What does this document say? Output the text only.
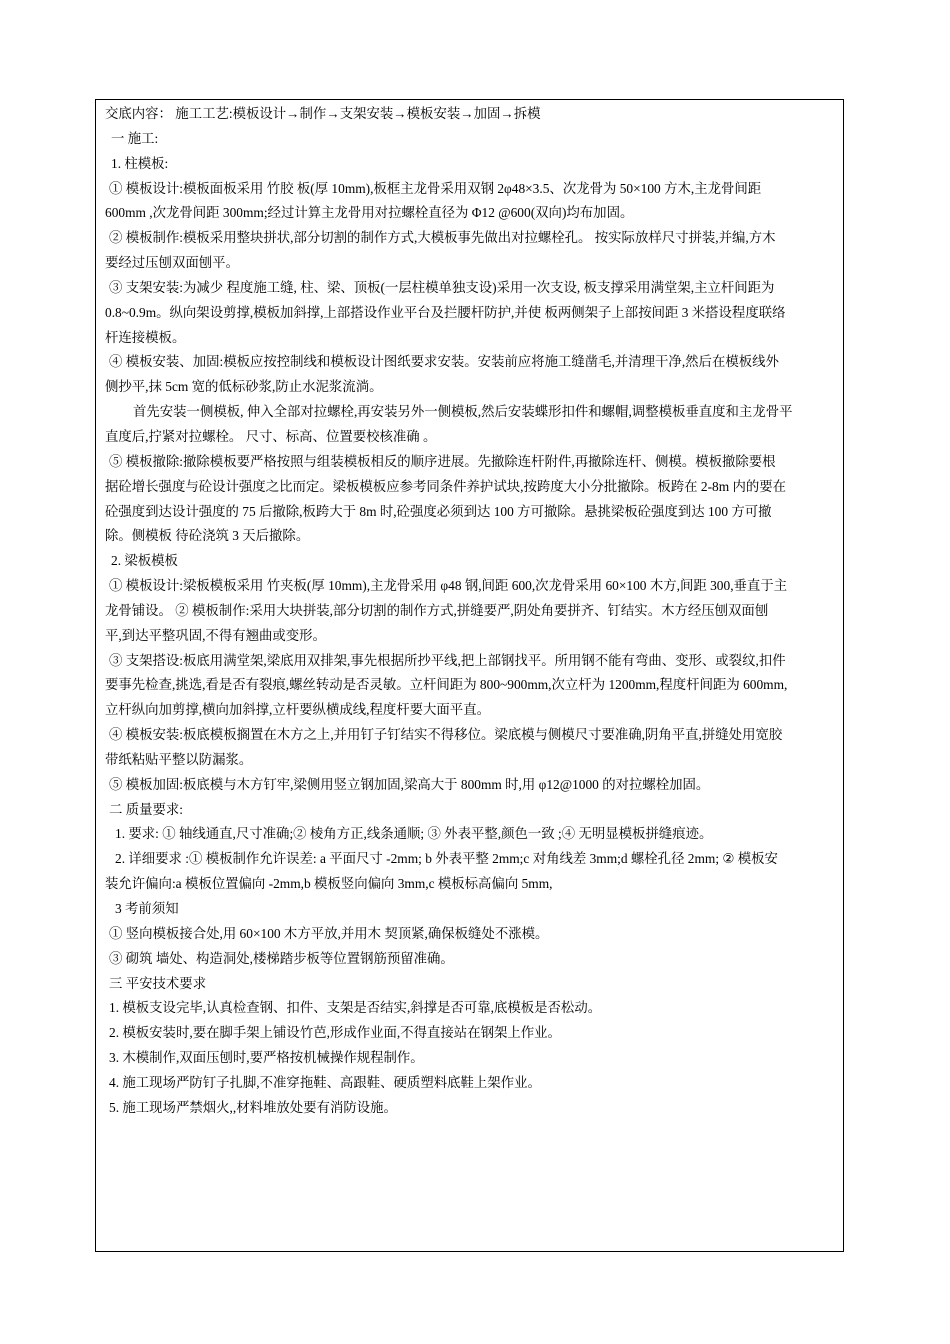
交底内容： 施工工艺:模板设计→制作→支架安装→模板安装→加固→拆模
一 施工:
1. 柱模板:
① 模板设计:模板面板采用 竹胶 板(厚 10mm),板框主龙骨采用双钢 2φ48×3.5、次龙骨为 50×100 方木,主龙骨间距
600mm ,次龙骨间距 300mm;经过计算主龙骨用对拉螺栓直径为 Φ12 @600(双向)均布加固。
② 模板制作:模板采用整块拼状,部分切割的制作方式,大模板事先做出对拉螺栓孔。 按实际放样尺寸拼装,并编,方木
要经过压刨双面刨平。
③ 支架安装:为减少 程度施工缝, 柱、梁、顶板(一层柱模单独支设)采用一次支设, 板支撑采用满堂架,主立杆间距为
0.8~0.9m。纵向架设剪撑,模板加斜撑,上部搭设作业平台及拦腰杆防护,并使 板两侧架子上部按间距 3 米搭设程度联络
杆连接模板。
④ 模板安装、加固:模板应按控制线和模板设计图纸要求安装。安装前应将施工缝凿毛,并清理干净,然后在模板线外
侧抄平,抹 5cm 宽的低标砂浆,防止水泥浆流淌。
首先安装一侧模板, 伸入全部对拉螺栓,再安装另外一侧模板,然后安装蝶形扣件和螺帽,调整模板垂直度和主龙骨平
直度后,拧紧对拉螺栓。 尺寸、标高、位置要校核准确 。
⑤ 模板撤除:撤除模板要严格按照与组装模板相反的顺序进展。先撤除连杆附件,再撤除连杆、侧模。模板撤除要根
据砼增长强度与砼设计强度之比而定。梁板模板应参考同条件养护试块,按跨度大小分批撤除。板跨在 2-8m 内的要在
砼强度到达设计强度的 75 后撤除,板跨大于 8m 时,砼强度必须到达 100 方可撤除。悬挑梁板砼强度到达 100 方可撤
除。侧模板 待砼浇筑 3 天后撤除。
2. 梁板模板
① 模板设计:梁板模板采用 竹夹板(厚 10mm),主龙骨采用 φ48 钢,间距 600,次龙骨采用 60×100 木方,间距 300,垂直于主
龙骨铺设。 ② 模板制作:采用大块拼装,部分切割的制作方式,拼缝要严,阴处角要拼齐、钉结实。木方经压刨双面刨
平,到达平整巩固,不得有翘曲或变形。
③ 支架搭设:板底用满堂架,梁底用双排架,事先根据所抄平线,把上部钢找平。所用钢不能有弯曲、变形、或裂纹,扣件
要事先检查,挑选,看是否有裂痕,螺丝转动是否灵敏。立杆间距为 800~900mm,次立杆为 1200mm,程度杆间距为 600mm,
立杆纵向加剪撑,横向加斜撑,立杆要纵横成线,程度杆要大面平直。
④ 模板安装:板底模板搁置在木方之上,并用钉子钉结实不得移位。梁底模与侧模尺寸要准确,阴角平直,拼缝处用宽胶
带纸粘贴平整以防漏浆。
⑤ 模板加固:板底模与木方钉牢,梁侧用竖立钢加固,梁高大于 800mm 时,用 φ12@1000 的对拉螺栓加固。
二 质量要求:
1. 要求: ① 轴线通直,尺寸准确;② 棱角方正,线条通顺; ③ 外表平整,颜色一致 ;④ 无明显模板拼缝痕迹。
2. 详细要求 :① 模板制作允许误差: a 平面尺寸 -2mm; b 外表平整 2mm;c 对角线差 3mm;d 螺栓孔径 2mm; ② 模板安
装允许偏向:a 模板位置偏向 -2mm,b 模板竖向偏向 3mm,c 模板标高偏向 5mm,
3 考前须知
① 竖向模板接合处,用 60×100 木方平放,并用木 契顶紧,确保板缝处不涨模。
③ 砌筑 墙处、构造洞处,楼梯踏步板等位置钢筋预留准确。
三 平安技术要求
1. 模板支设完毕,认真检查钢、扣件、支架是否结实,斜撑是否可靠,底模板是否松动。
2. 模板安装时,要在脚手架上铺设竹芭,形成作业面,不得直接站在钢架上作业。
3. 木模制作,双面压刨时,要严格按机械操作规程制作。
4. 施工现场严防钉子扎脚,不准穿拖鞋、高跟鞋、硬质塑料底鞋上架作业。
5. 施工现场严禁烟火,,材料堆放处要有消防设施。
